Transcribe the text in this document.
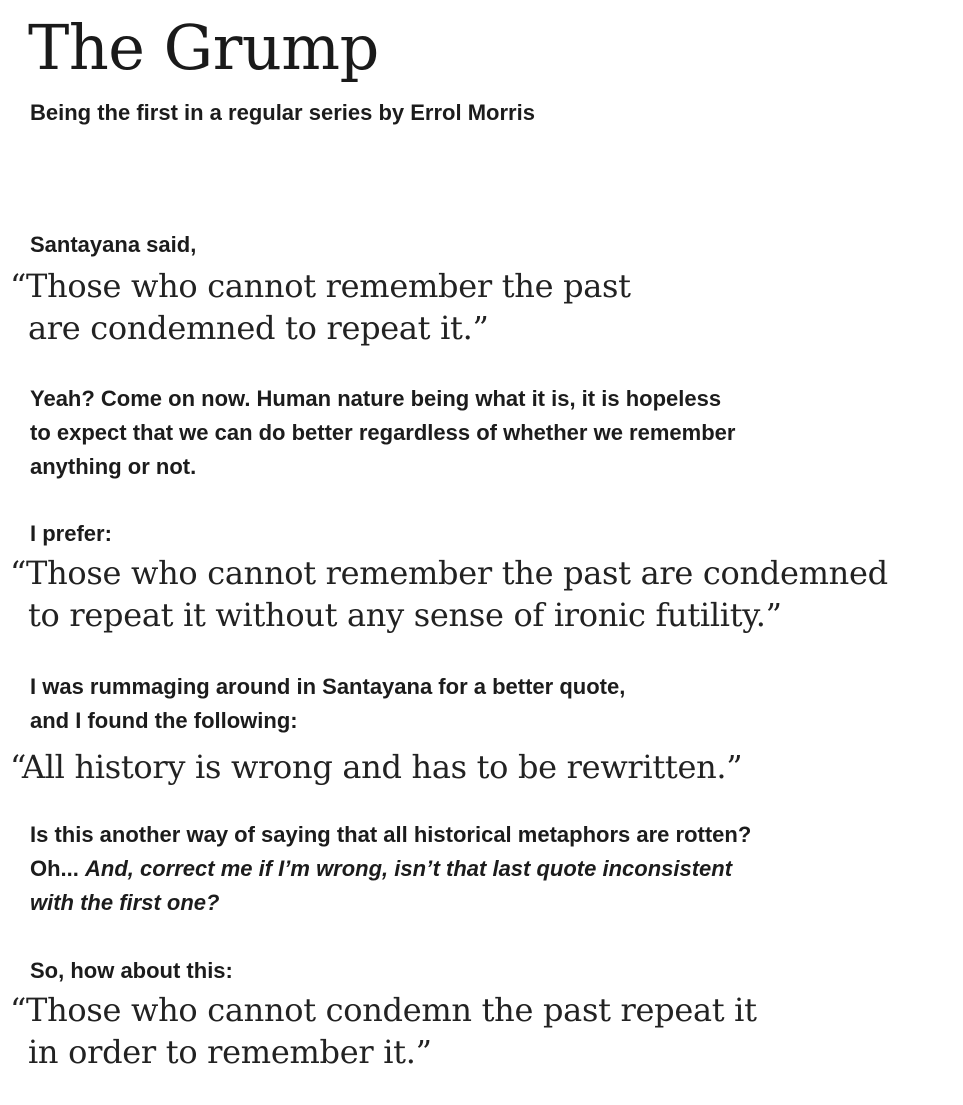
The Grump
Being the first in a regular series by Errol Morris
Santayana said,
“Those who cannot remember the past
are condemned to repeat it.”
Yeah? Come on now. Human nature being what it is, it is hopeless
to expect that we can do better regardless of whether we remember
anything or not.
I prefer:
“Those who cannot remember the past are condemned
to repeat it without any sense of ironic futility.”
I was rummaging around in Santayana for a better quote,
and I found the following:
“All history is wrong and has to be rewritten.”
Is this another way of saying that all historical metaphors are rotten?
Oh... And, correct me if I’m wrong, isn’t that last quote inconsistent
with the first one?
So, how about this:
“Those who cannot condemn the past repeat it
in order to remember it.”
